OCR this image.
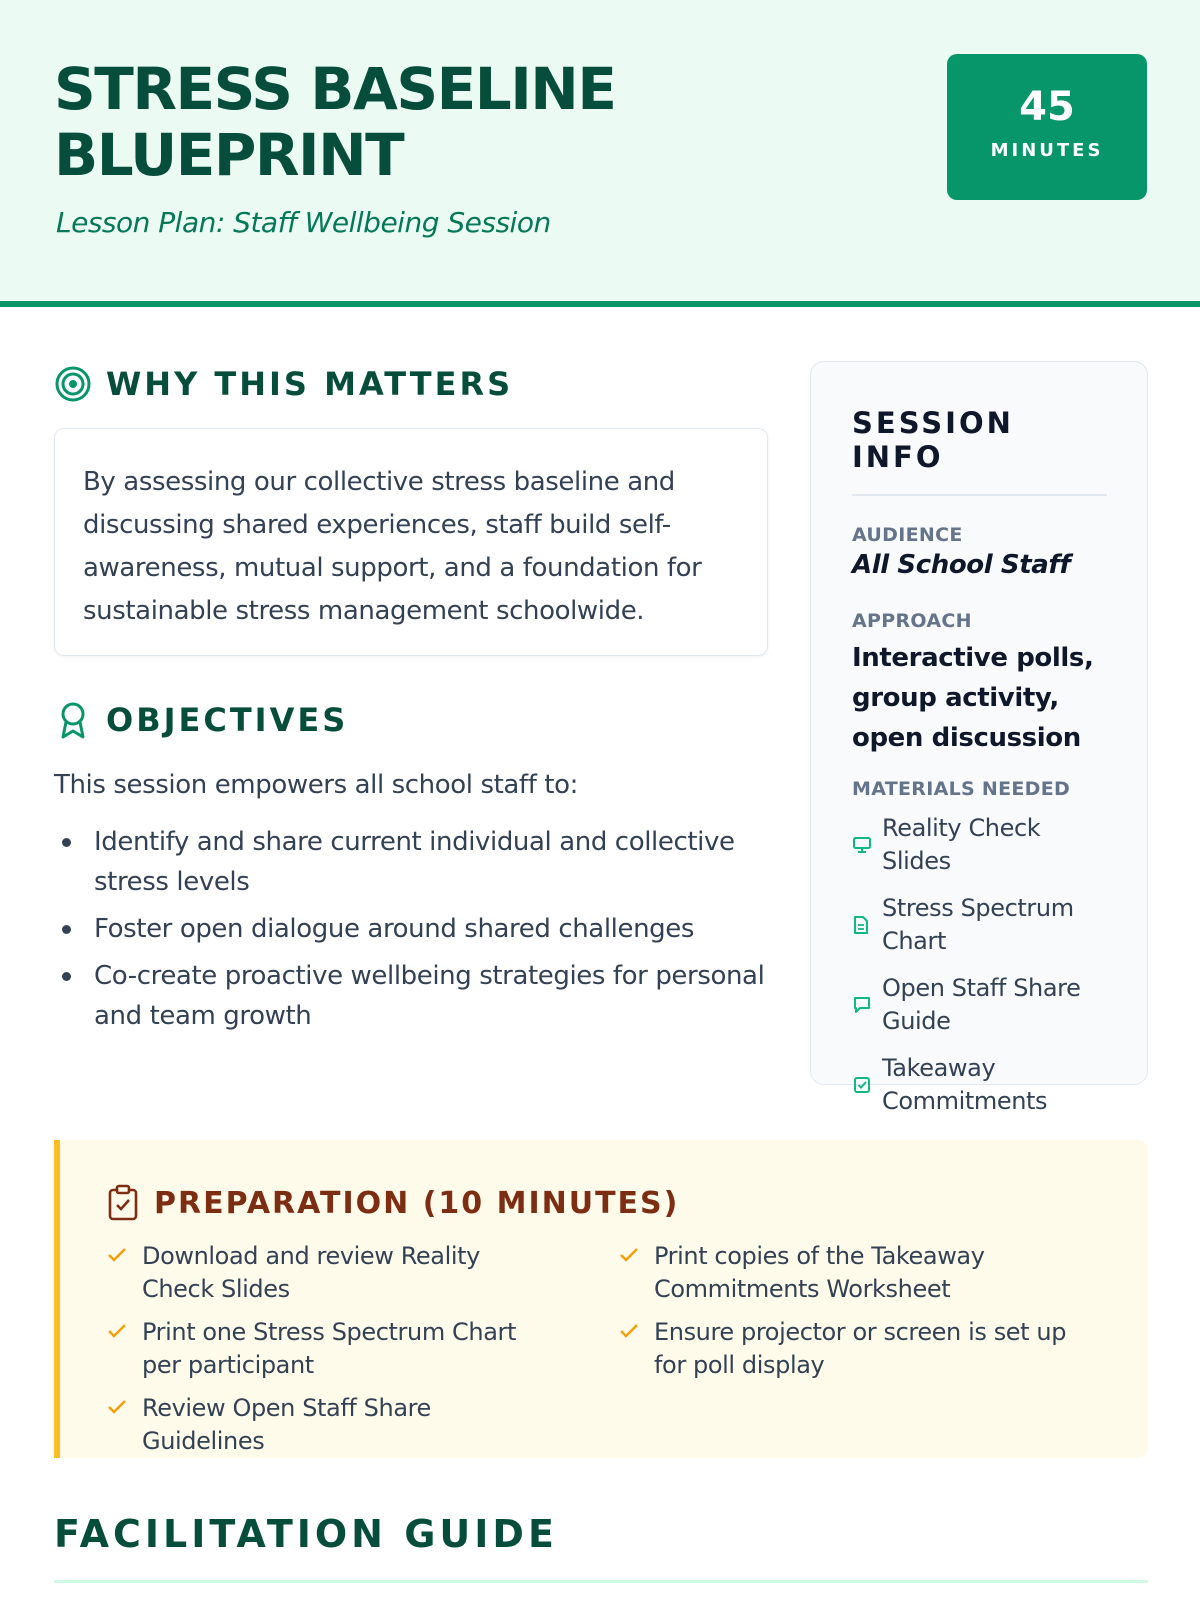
STRESS BASELINE BLUEPRINT
Lesson Plan: Staff Wellbeing Session
45
MINUTES
WHY THIS MATTERS

By assessing our collective stress baseline and discussing shared experiences, staff build self-awareness, mutual support, and a foundation for sustainable stress management schoolwide.

OBJECTIVES
This session empowers all school staff to:
Identify and share current individual and collective stress levels
Foster open dialogue around shared challenges
Co-create proactive wellbeing strategies for personal and team growth
SESSION INFO
AUDIENCE
All School Staff
APPROACH
Interactive polls, group activity, open discussion
MATERIALS NEEDED
Reality Check Slides
Stress Spectrum Chart
Open Staff Share Guide
Takeaway Commitments
PREPARATION (10 MINUTES)
Download and review Reality Check Slides
Print one Stress Spectrum Chart per participant
Review Open Staff Share Guidelines
Print copies of the Takeaway Commitments Worksheet
Ensure projector or screen is set up for poll display
FACILITATION GUIDE
